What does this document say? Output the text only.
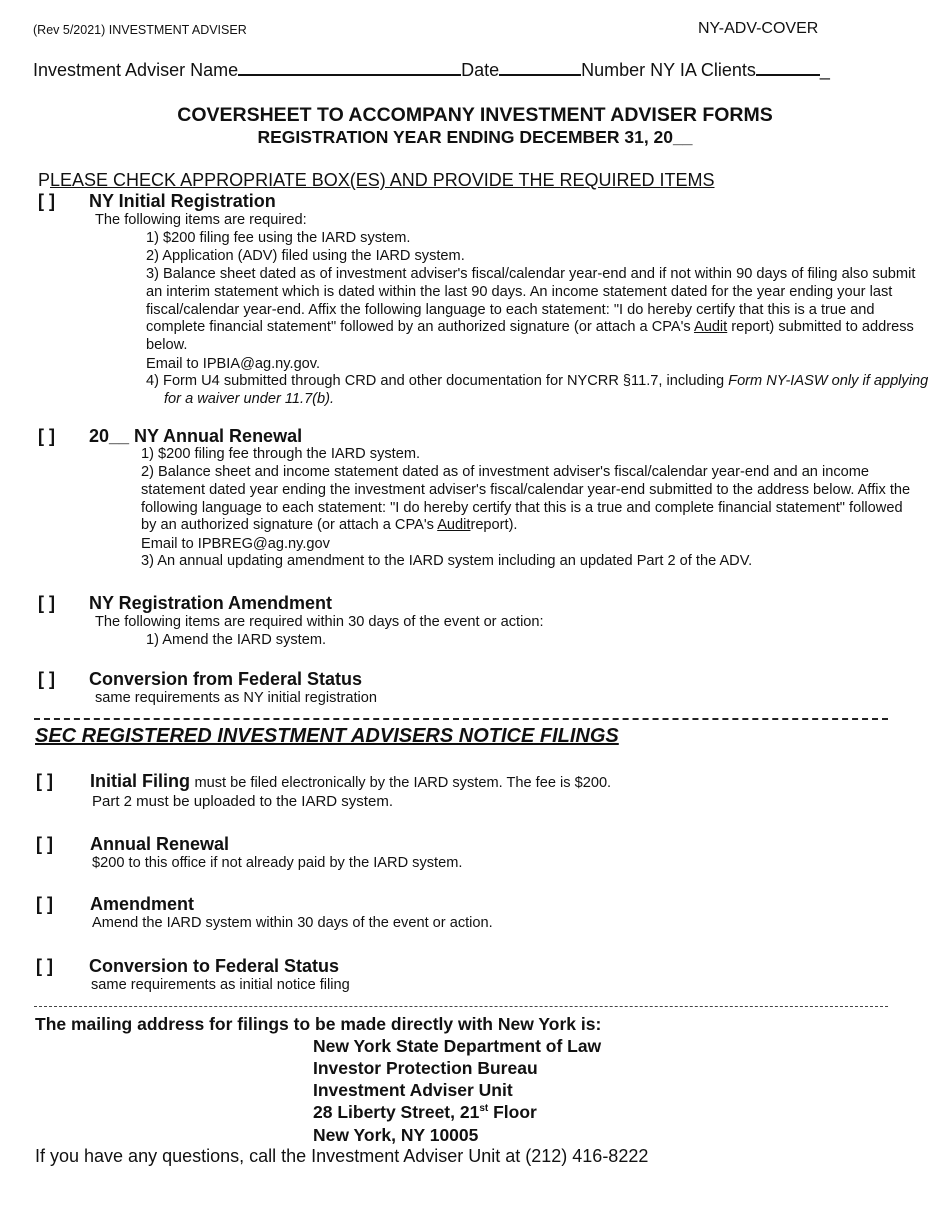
(Rev 5/2021) INVESTMENT ADVISER	NY-ADV-COVER
Investment Adviser Name	Date	Number NY IA Clients	_
COVERSHEET TO ACCOMPANY INVESTMENT ADVISER FORMS
REGISTRATION YEAR ENDING DECEMBER 31, 20__
PLEASE CHECK APPROPRIATE BOX(ES) AND PROVIDE THE REQUIRED ITEMS
[ ] NY Initial Registration
The following items are required:
1) $200 filing fee using the IARD system.
2) Application (ADV) filed using the IARD system.
3) Balance sheet dated as of investment adviser's fiscal/calendar year-end and if not within 90 days of filing also submit an interim statement which is dated within the last 90 days. An income statement dated for the year ending your last fiscal/calendar year-end. Affix the following language to each statement: "I do hereby certify that this is a true and complete financial statement" followed by an authorized signature (or attach a CPA's Audit report) submitted to address below.
Email to IPBIA@ag.ny.gov.
4) Form U4 submitted through CRD and other documentation for NYCRR §11.7, including Form NY-IASW only if applying for a waiver under 11.7(b).
[ ] 20__ NY Annual Renewal
1) $200 filing fee through the IARD system.
2) Balance sheet and income statement dated as of investment adviser's fiscal/calendar year-end and an income statement dated year ending the investment adviser's fiscal/calendar year-end submitted to the address below. Affix the following language to each statement: "I do hereby certify that this is a true and complete financial statement" followed by an authorized signature (or attach a CPA's Auditreport).
Email to IPBREG@ag.ny.gov
3) An annual updating amendment to the IARD system including an updated Part 2 of the ADV.
[ ] NY Registration Amendment
The following items are required within 30 days of the event or action:
1) Amend the IARD system.
[ ] Conversion from Federal Status
same requirements as NY initial registration
SEC REGISTERED INVESTMENT ADVISERS NOTICE FILINGS
[ ] Initial Filing must be filed electronically by the IARD system. The fee is $200.
Part 2 must be uploaded to the IARD system.
[ ] Annual Renewal
$200 to this office if not already paid by the IARD system.
[ ] Amendment
Amend the IARD system within 30 days of the event or action.
[ ] Conversion to Federal Status
same requirements as initial notice filing
The mailing address for filings to be made directly with New York is:
New York State Department of Law
Investor Protection Bureau
Investment Adviser Unit
28 Liberty Street, 21st Floor
New York, NY 10005
If you have any questions, call the Investment Adviser Unit at (212) 416-8222
